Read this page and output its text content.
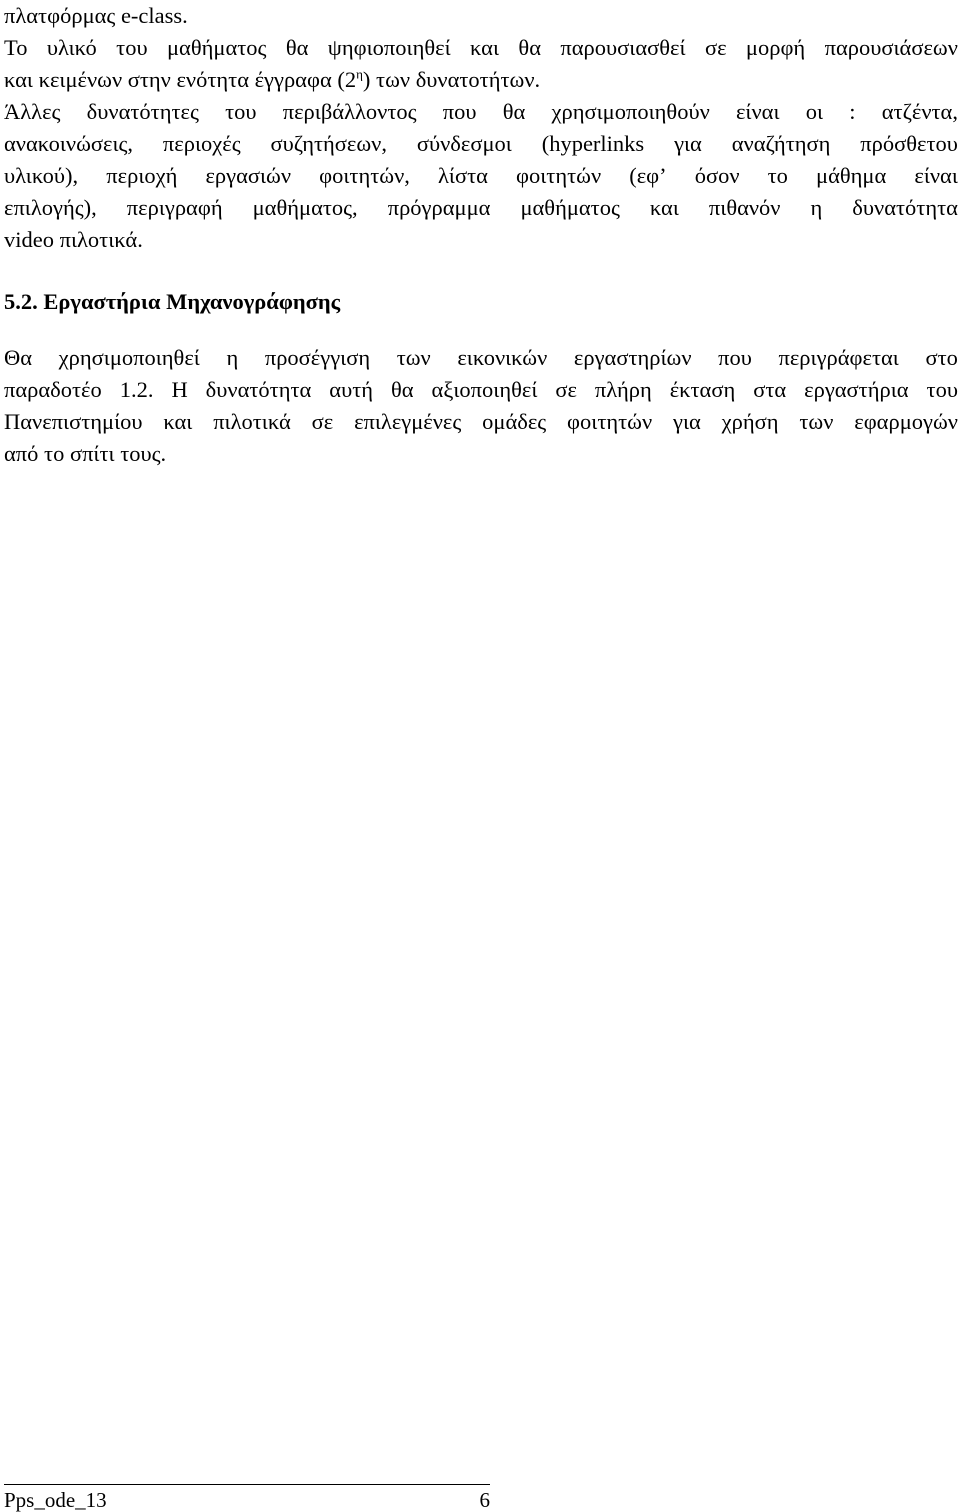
πλατφόρμας e-class.
Το υλικό του μαθήματος θα ψηφιοποιηθεί και θα παρουσιασθεί σε μορφή παρουσιάσεων
και κειμένων στην ενότητα έγγραφα $(2^\eta)$ των δυνατοτήτων.

Άλλες δυνατότητες του περιβάλλοντος που θα χρησιμοποιηθούν είναι οι : ατζέντα,
ανακοινώσεις, περιοχές συζητήσεων, σύνδεσμοι (hyperlinks για αναζήτηση πρόσθετου
υλικού), περιοχή εργασιών φοιτητών, λίστα φοιτητών (εφ’ όσον το μάθημα είναι
επιλογής), περιγραφή μαθήματος, πρόγραμμα μαθήματος και πιθανόν η δυνατότητα
video πιλοτικά.

5.2. Εργαστήρια Μηχανογράφησης

Θα χρησιμοποιηθεί η προσέγγιση των εικονικών εργαστηρίων που περιγράφεται στο
παραδοτέο 1.2. Η δυνατότητα αυτή θα αξιοποιηθεί σε πλήρη έκταση στα εργαστήρια του
Πανεπιστημίου και πιλοτικά σε επιλεγμένες ομάδες φοιτητών για χρήση των εφαρμογών
από το σπίτι τους.

Pps_ode_13	6
